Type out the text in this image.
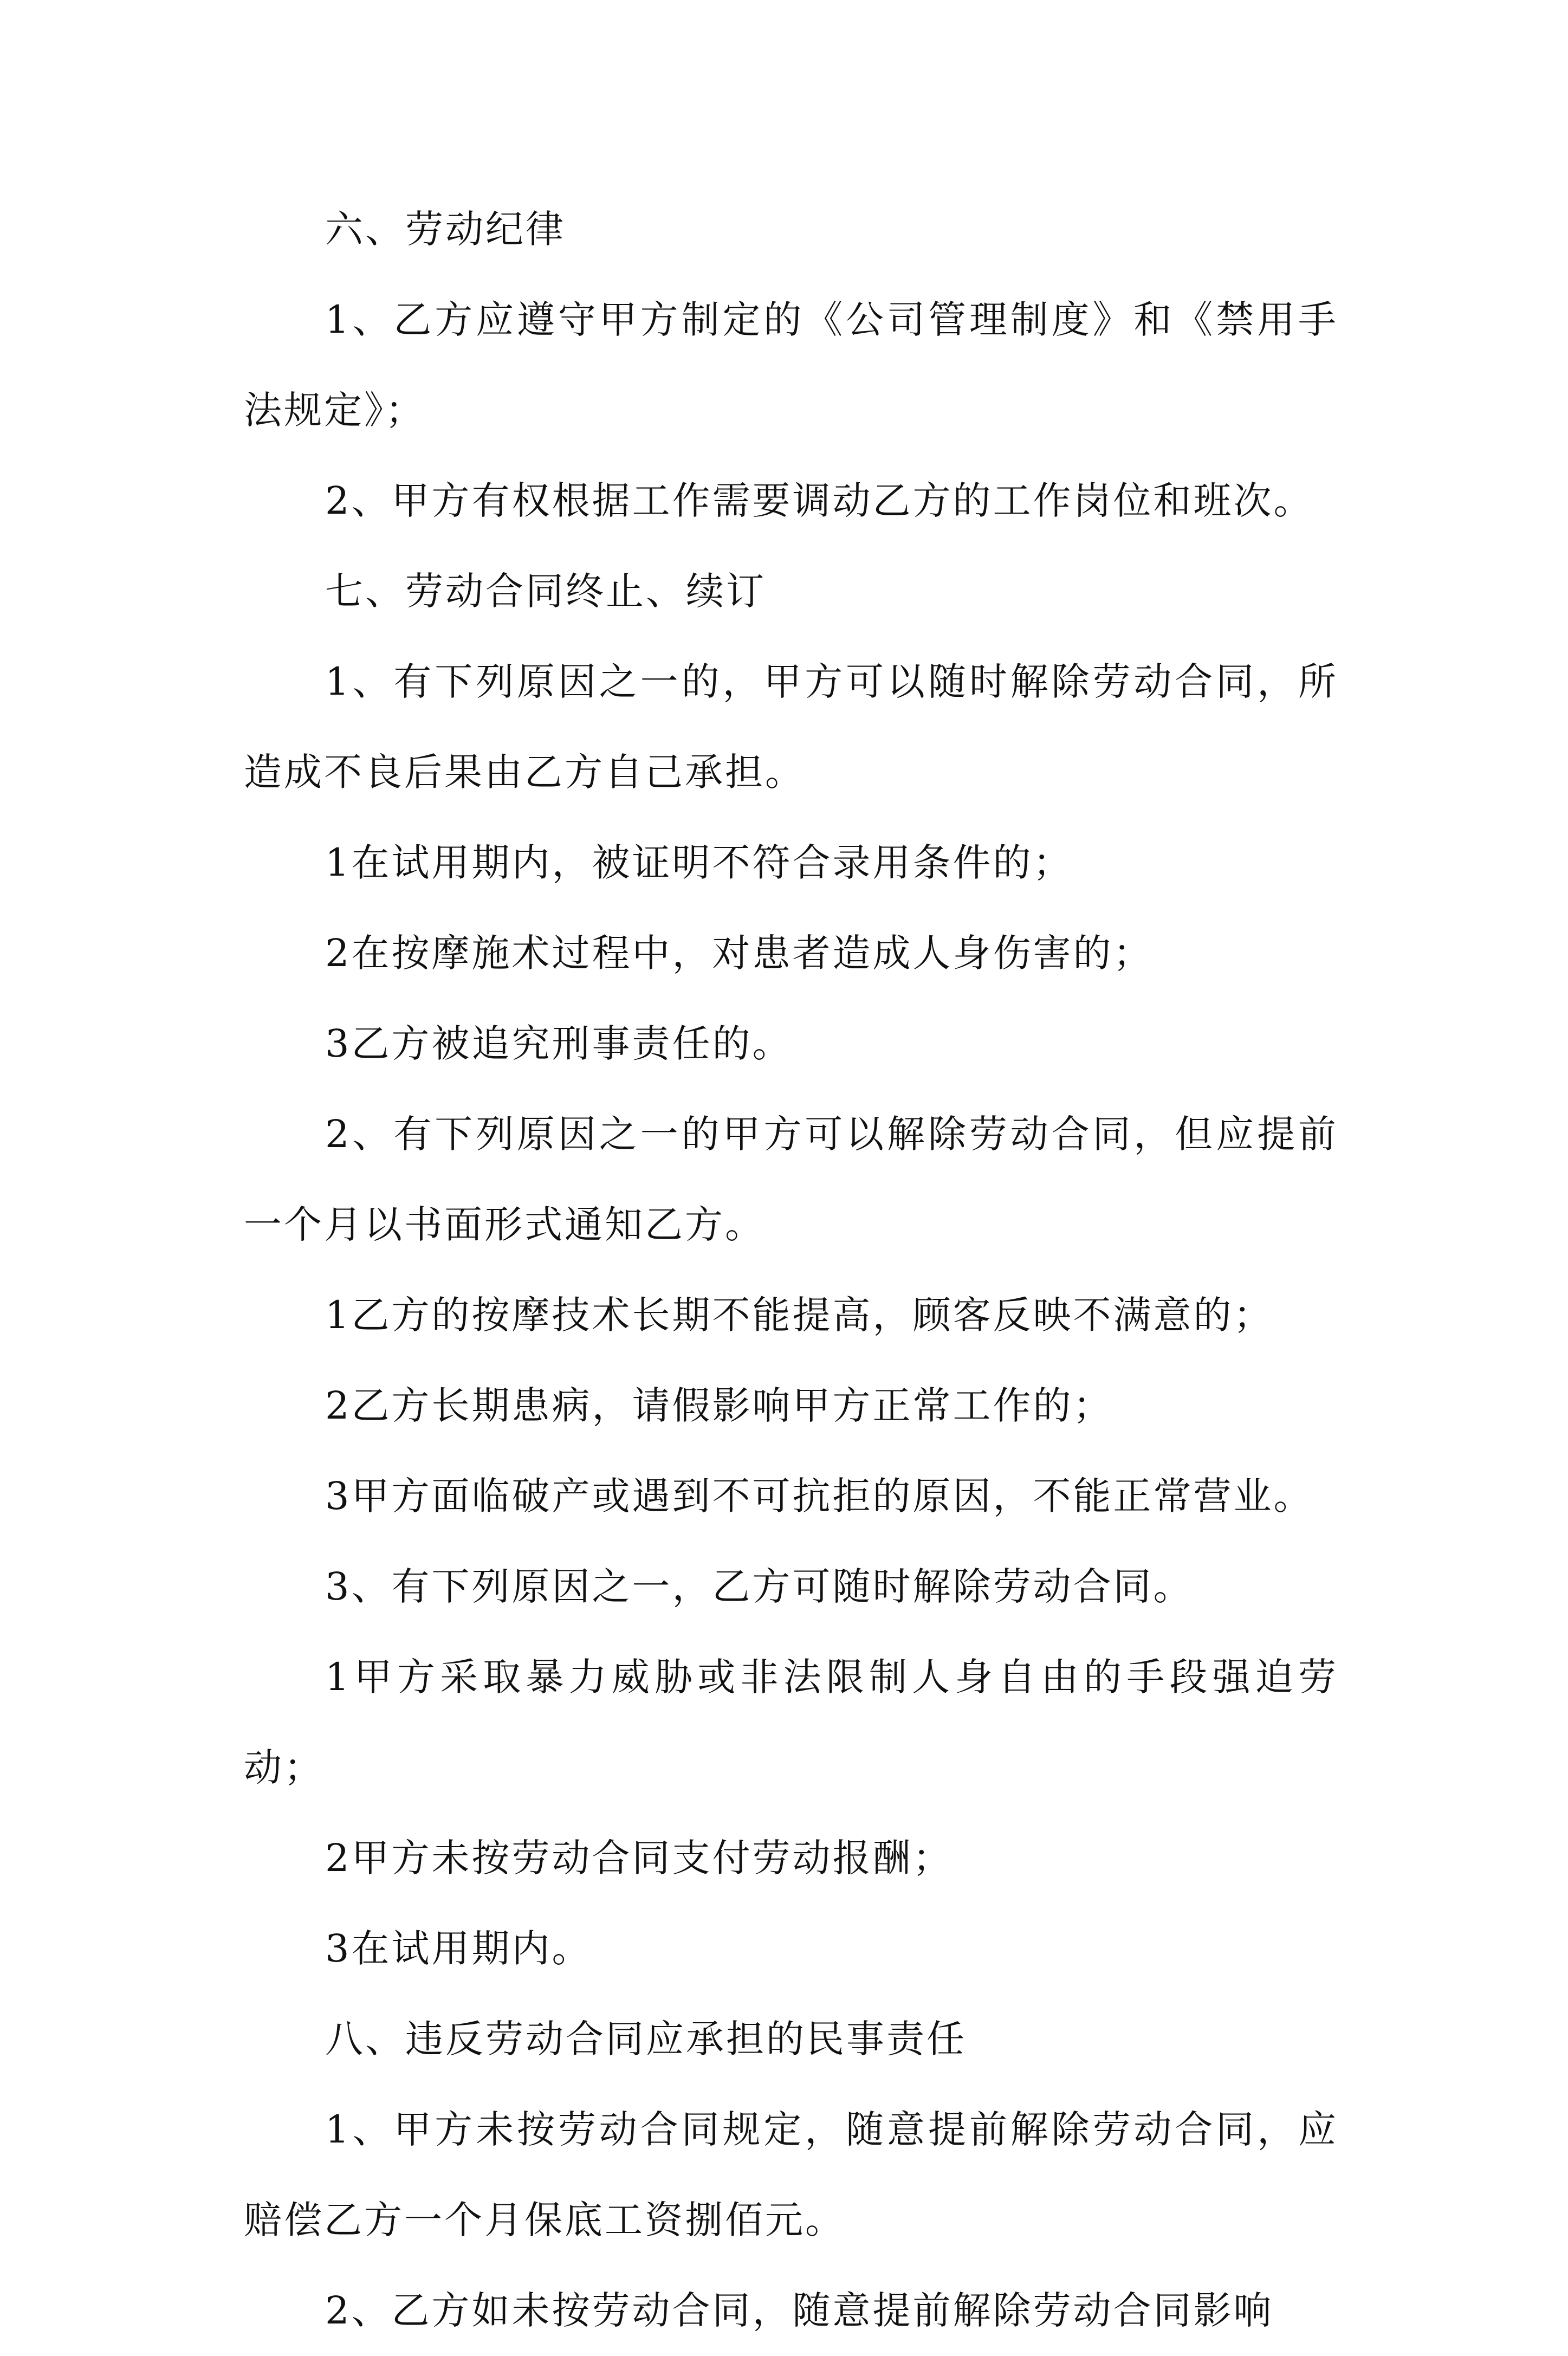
六、劳动纪律

1、乙方应遵守甲方制定的《公司管理制度》和《禁用手法规定》；

2、甲方有权根据工作需要调动乙方的工作岗位和班次。

七、劳动合同终止、续订

1、有下列原因之一的，甲方可以随时解除劳动合同，所造成不良后果由乙方自己承担。

1在试用期内，被证明不符合录用条件的；

2在按摩施术过程中，对患者造成人身伤害的；

3乙方被追究刑事责任的。

2、有下列原因之一的甲方可以解除劳动合同，但应提前一个月以书面形式通知乙方。

1乙方的按摩技术长期不能提高，顾客反映不满意的；

2乙方长期患病，请假影响甲方正常工作的；

3甲方面临破产或遇到不可抗拒的原因，不能正常营业。

3、有下列原因之一，乙方可随时解除劳动合同。

1甲方采取暴力威胁或非法限制人身自由的手段强迫劳动；

2甲方未按劳动合同支付劳动报酬；

3在试用期内。

八、违反劳动合同应承担的民事责任

1、甲方未按劳动合同规定，随意提前解除劳动合同，应赔偿乙方一个月保底工资捌佰元。

2、乙方如未按劳动合同，随意提前解除劳动合同影响
